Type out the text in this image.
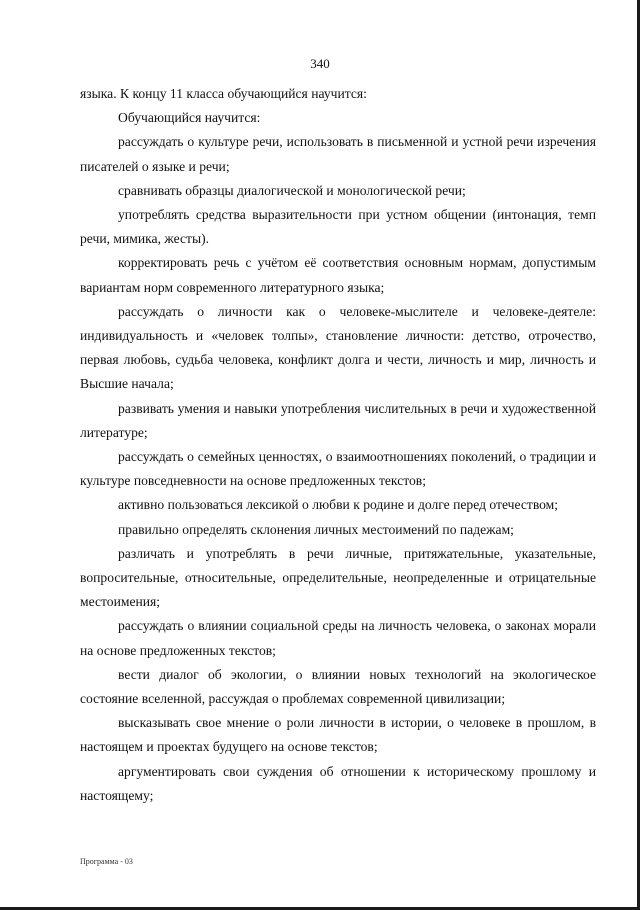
340

языка. К концу 11 класса обучающийся научится:

Обучающийся научится:

рассуждать о культуре речи, использовать в письменной и устной речи изречения писателей о языке и речи;

сравнивать образцы диалогической и монологической речи;

употреблять средства выразительности при устном общении (интонация, темп речи, мимика, жесты).

корректировать речь с учётом её соответствия основным нормам, допустимым вариантам норм современного литературного языка;

рассуждать о личности как о человеке-мыслителе и человеке-деятеле: индивидуальность и «человек толпы», становление личности: детство, отрочество, первая любовь, судьба человека, конфликт долга и чести, личность и мир, личность и Высшие начала;

развивать умения и навыки употребления числительных в речи и художественной литературе;

рассуждать о семейных ценностях, о взаимоотношениях поколений, о традиции и культуре повседневности на основе предложенных текстов;

активно пользоваться лексикой о любви к родине и долге перед отечеством;

правильно определять склонения личных местоимений по падежам;

различать и употреблять в речи личные, притяжательные, указательные, вопросительные, относительные, определительные, неопределенные и отрицательные местоимения;

рассуждать о влиянии социальной среды на личность человека, о законах морали на основе предложенных текстов;

вести диалог об экологии, о влиянии новых технологий на экологическое состояние вселенной, рассуждая о проблемах современной цивилизации;

высказывать свое мнение о роли личности в истории, о человеке в прошлом, в настоящем и проектах будущего на основе текстов;

аргументировать свои суждения об отношении к историческому прошлому и настоящему;

Программа - 03
